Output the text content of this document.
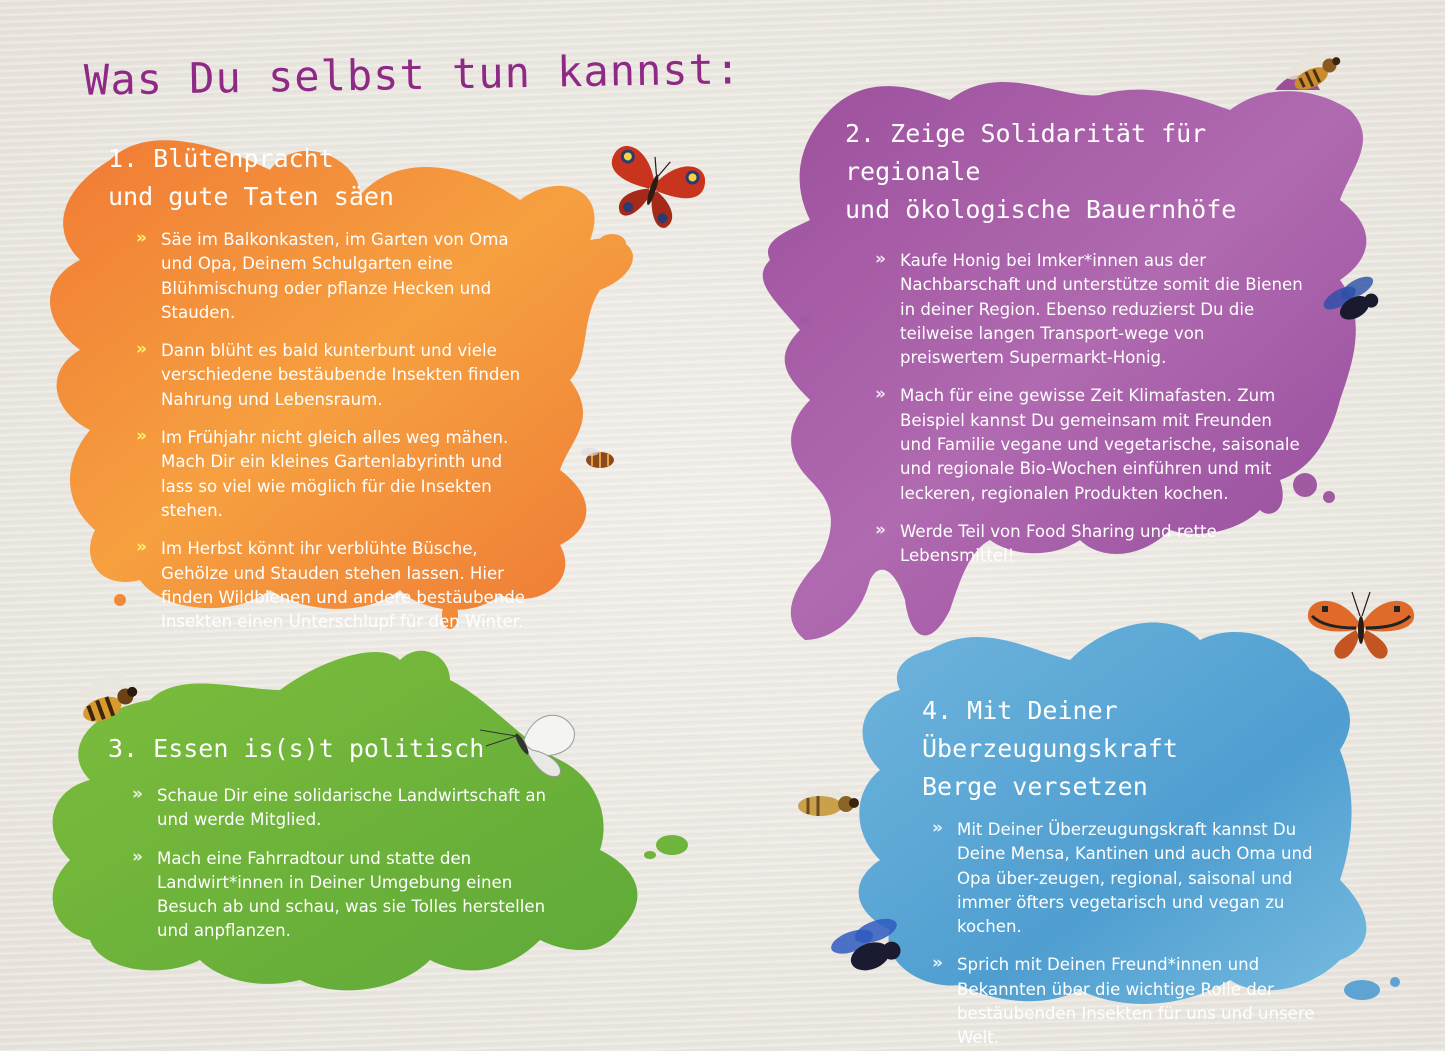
Was Du selbst tun kannst:
1. Blütenpracht
und gute Taten säen
» Säe im Balkonkasten, im Garten von Oma und Opa, Deinem Schulgarten eine Blühmischung oder pflanze Hecken und Stauden.
» Dann blüht es bald kunterbunt und viele verschiedene bestäubende Insekten finden Nahrung und Lebensraum.
» Im Frühjahr nicht gleich alles weg mähen. Mach Dir ein kleines Gartenlabyrinth und lass so viel wie möglich für die Insekten stehen.
» Im Herbst könnt ihr verblühte Büsche, Gehölze und Stauden stehen lassen. Hier finden Wildbienen und andere bestäubende Insekten einen Unterschlupf für den Winter.
2. Zeige Solidarität für regionale
und ökologische Bauernhöfe
» Kaufe Honig bei Imker*innen aus der Nachbarschaft und unterstütze somit die Bienen in deiner Region. Ebenso reduzierst Du die teilweise langen Transport-wege von preiswertem Supermarkt-Honig.
» Mach für eine gewisse Zeit Klimafasten. Zum Beispiel kannst Du gemeinsam mit Freunden und Familie vegane und vegetarische, saisonale und regionale Bio-Wochen einführen und mit leckeren, regionalen Produkten kochen.
» Werde Teil von Food Sharing und rette Lebensmittel!
3. Essen is(s)t politisch
» Schaue Dir eine solidarische Landwirtschaft an und werde Mitglied.
» Mach eine Fahrradtour und statte den Landwirt*innen in Deiner Umgebung einen Besuch ab und schau, was sie Tolles herstellen und anpflanzen.
4. Mit Deiner Überzeugungskraft
Berge versetzen
» Mit Deiner Überzeugungskraft kannst Du Deine Mensa, Kantinen und auch Oma und Opa über-zeugen, regional, saisonal und immer öfters vegetarisch und vegan zu kochen.
» Sprich mit Deinen Freund*innen und Bekannten über die wichtige Rolle der bestäubenden Insekten für uns und unsere Welt.
